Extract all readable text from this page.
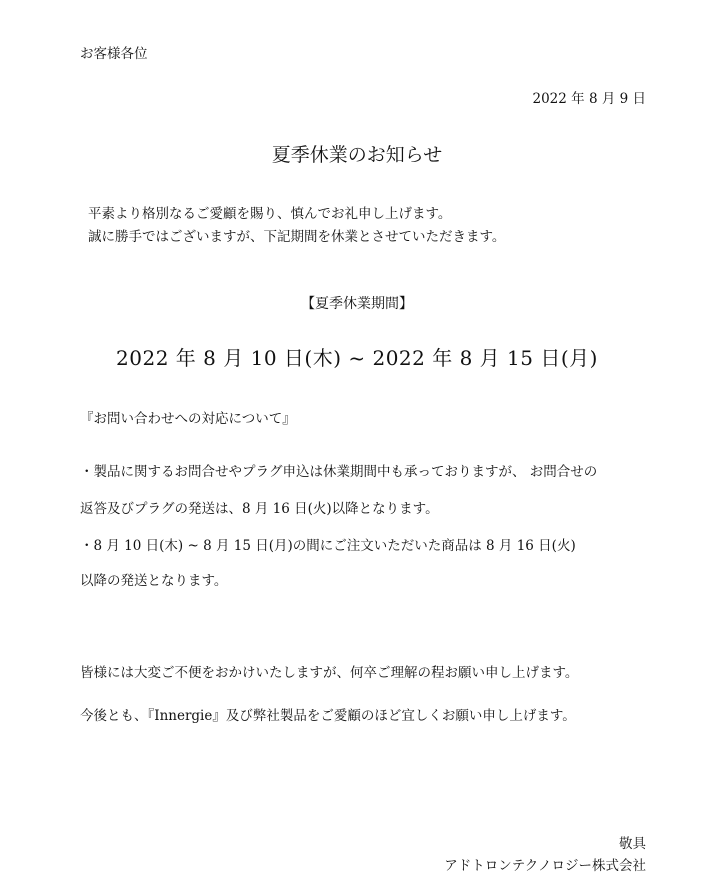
お客様各位
2022 年 8 月 9 日
夏季休業のお知らせ
平素より格別なるご愛顧を賜り、慎んでお礼申し上げます。
誠に勝手ではございますが、下記期間を休業とさせていただきます。
【夏季休業期間】
2022 年 8 月 10 日(木) ~ 2022 年 8 月 15 日(月)
『お問い合わせへの対応について』
・製品に関するお問合せやプラグ申込は休業期間中も承っておりますが、 お問合せの
返答及びプラグの発送は、8 月 16 日(火)以降となります。
・8 月 10 日(木) ~ 8 月 15 日(月)の間にご注文いただいた商品は 8 月 16 日(火)
以降の発送となります。
皆様には大変ご不便をおかけいたしますが、何卒ご理解の程お願い申し上げます。
今後とも、『Innergie』及び弊社製品をご愛顧のほど宜しくお願い申し上げます。
敬具
アドトロンテクノロジー株式会社
